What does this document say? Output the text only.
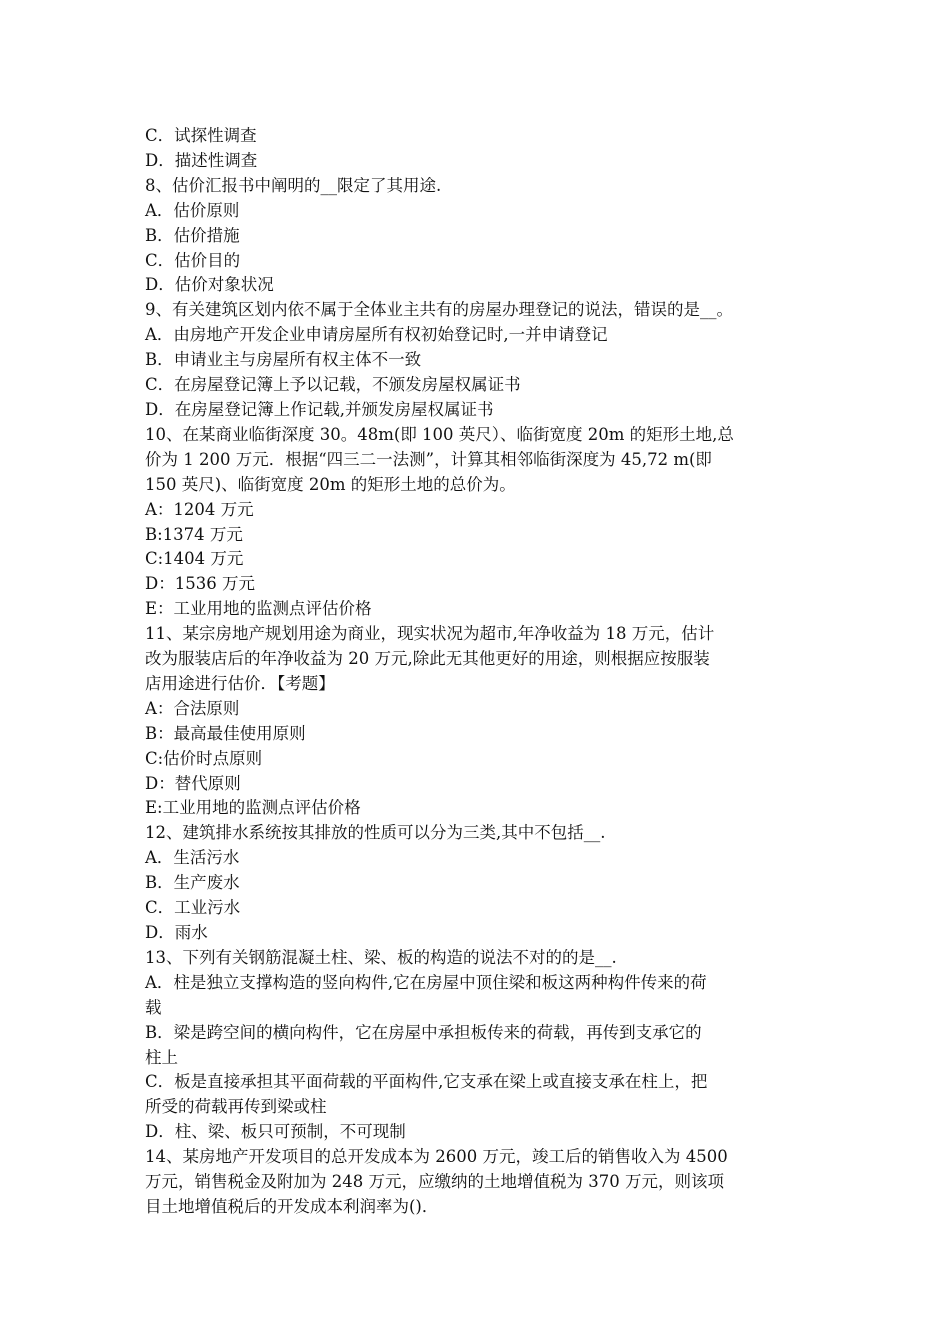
C．试探性调查

D．描述性调查

8、估价汇报书中阐明的__限定了其用途.

A．估价原则

B．估价措施

C．估价目的

D．估价对象状况

9、有关建筑区划内依不属于全体业主共有的房屋办理登记的说法，错误的是__。

A．由房地产开发企业申请房屋所有权初始登记时,一并申请登记

B．申请业主与房屋所有权主体不一致

C．在房屋登记簿上予以记载，不颁发房屋权属证书

D．在房屋登记簿上作记载,并颁发房屋权属证书

10、在某商业临街深度 30。48m(即 100 英尺）、临街宽度 20m 的矩形土地,总

价为 1 200 万元．根据“四三二一法测”，计算其相邻临街深度为 45,72 m(即

150 英尺)、临街宽度 20m 的矩形土地的总价为。

A：1204 万元

B:1374 万元

C:1404 万元

D：1536 万元

E：工业用地的监测点评估价格

11、某宗房地产规划用途为商业，现实状况为超市,年净收益为 18 万元，估计

改为服装店后的年净收益为 20 万元,除此无其他更好的用途，则根据应按服装

店用途进行估价．【考题】

A：合法原则

B：最高最佳使用原则

C:估价时点原则

D：替代原则

E:工业用地的监测点评估价格

12、建筑排水系统按其排放的性质可以分为三类,其中不包括__.

A．生活污水

B．生产废水

C．工业污水

D．雨水

13、下列有关钢筋混凝土柱、梁、板的构造的说法不对的的是__.

A．柱是独立支撑构造的竖向构件,它在房屋中顶住梁和板这两种构件传来的荷

载

B．梁是跨空间的横向构件，它在房屋中承担板传来的荷载，再传到支承它的

柱上

C．板是直接承担其平面荷载的平面构件,它支承在梁上或直接支承在柱上，把

所受的荷载再传到梁或柱

D．柱、梁、板只可预制，不可现制

14、某房地产开发项目的总开发成本为 2600 万元，竣工后的销售收入为 4500

万元，销售税金及附加为 248 万元，应缴纳的土地增值税为 370 万元，则该项

目土地增值税后的开发成本利润率为()．
